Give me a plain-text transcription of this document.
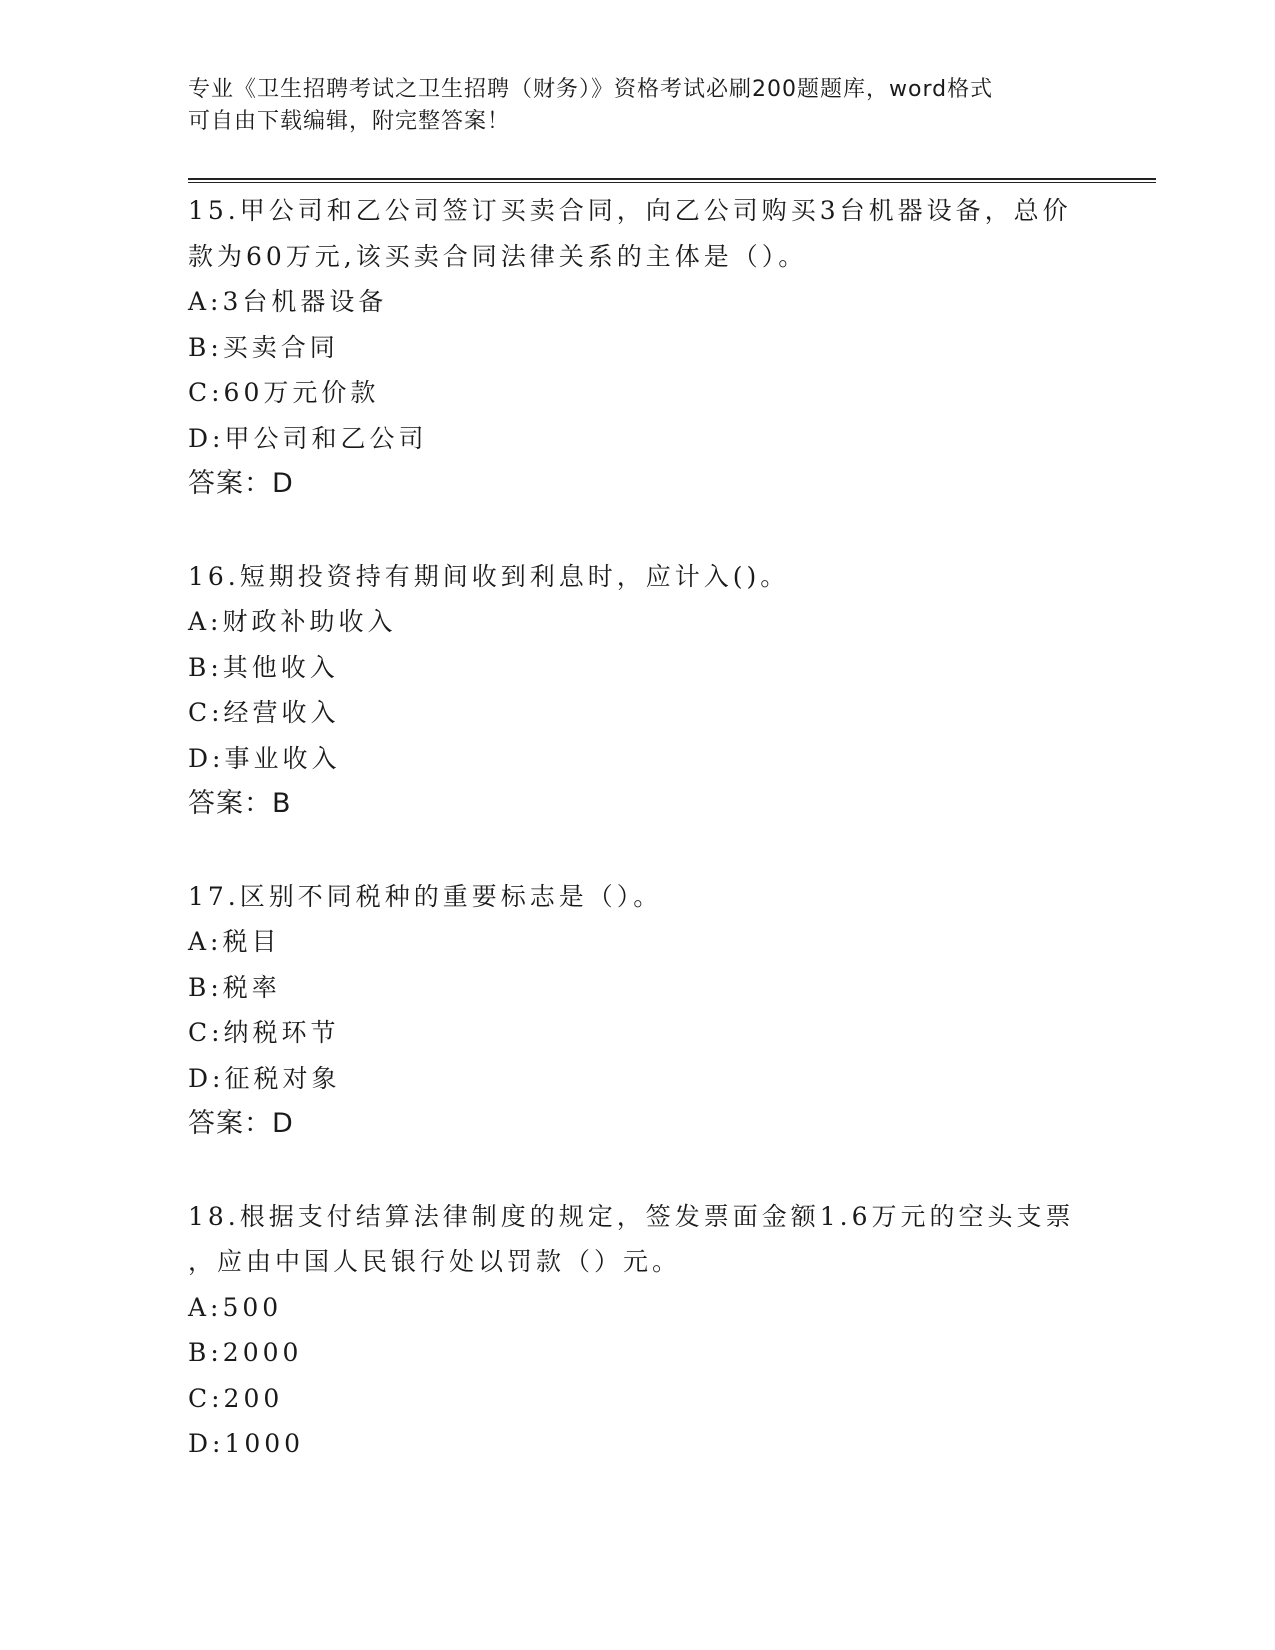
专业《卫生招聘考试之卫生招聘（财务）》资格考试必刷200题题库，word格式
可自由下载编辑，附完整答案！
15.甲公司和乙公司签订买卖合同，向乙公司购买3台机器设备，总价
款为60万元,该买卖合同法律关系的主体是（）。
A:3台机器设备
B:买卖合同
C:60万元价款
D:甲公司和乙公司
答案：D
16.短期投资持有期间收到利息时，应计入()。
A:财政补助收入
B:其他收入
C:经营收入
D:事业收入
答案：B
17.区别不同税种的重要标志是（）。
A:税目
B:税率
C:纳税环节
D:征税对象
答案：D
18.根据支付结算法律制度的规定，签发票面金额1.6万元的空头支票
，应由中国人民银行处以罚款（）元。
A:500
B:2000
C:200
D:1000
